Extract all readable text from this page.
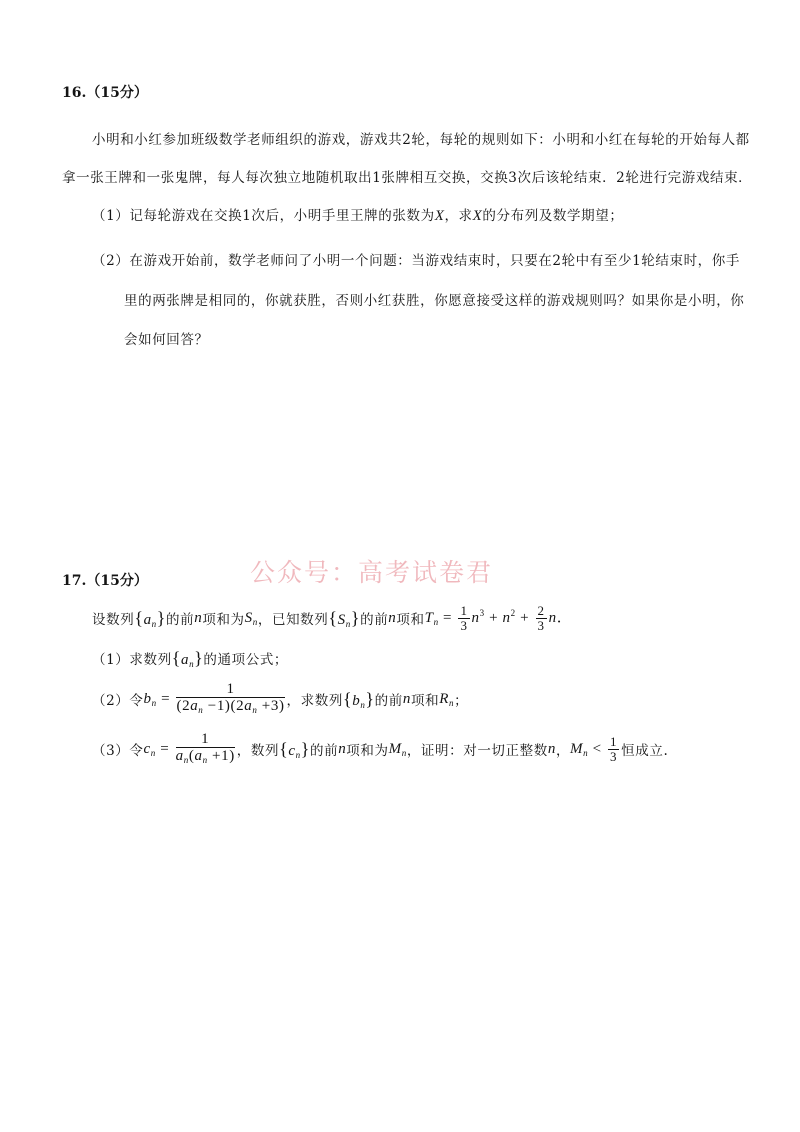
16.（15分）
小明和小红参加班级数学老师组织的游戏，游戏共2轮，每轮的规则如下：小明和小红在每轮的开始每人都
拿一张王牌和一张鬼牌，每人每次独立地随机取出1张牌相互交换，交换3次后该轮结束．2轮进行完游戏结束．
（1）记每轮游戏在交换1次后，小明手里王牌的张数为X，求X的分布列及数学期望；
（2）在游戏开始前，数学老师问了小明一个问题：当游戏结束时，只要在2轮中有至少1轮结束时，你手
里的两张牌是相同的，你就获胜，否则小红获胜，你愿意接受这样的游戏规则吗？如果你是小明，你
会如何回答？
公众号：高考试卷君
17.（15分）
设数列 $\{a_n\}$ 的前 n 项和为 $S_n$ ，已知数列 $\{S_n\}$ 的前 n 项和 $T_n = \frac{1}{3} n^3 + n^2 + \frac{2}{3}$ n．
（1）求数列 $\{a_n\}$ 的通项公式；
（2）令 $b_n = \frac{1}{(2a_n -1)(2a_n +3)}$ ，求数列 $\{b_n\}$ 的前 n 项和 $R_n$ ；
（3）令 $c_n = \frac{1}{a_n(a_n +1)}$ ，数列 $\{c_n\}$ 的前 n 项和为 $M_n$ ，证明：对一切正整数 n ， $M_n < \frac{1}{3}$ 恒成立.
